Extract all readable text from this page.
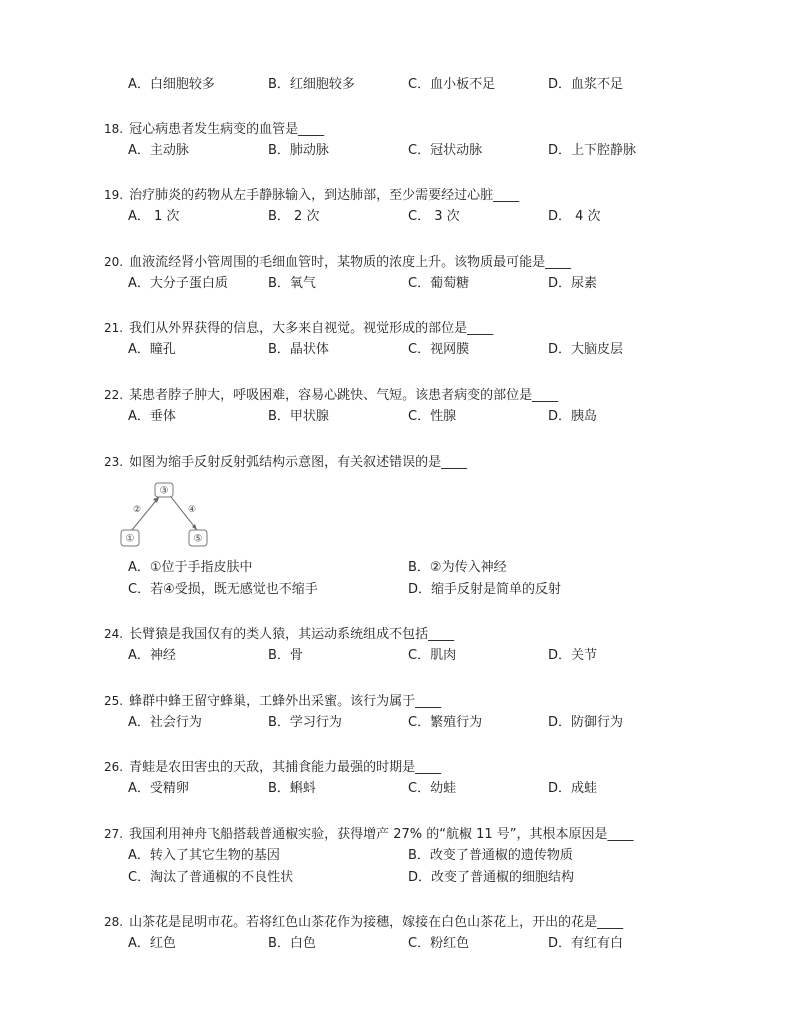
A．白细胞较多	B．红细胞较多	C．血小板不足	D．血浆不足
18. 冠心病患者发生病变的血管是____
A．主动脉	B．肺动脉	C．冠状动脉	D．上下腔静脉
19. 治疗肺炎的药物从左手静脉输入，到达肺部，至少需要经过心脏____
A． 1 次	B． 2 次	C． 3 次	D． 4 次
20. 血液流经肾小管周围的毛细血管时，某物质的浓度上升。该物质最可能是____
A．大分子蛋白质	B．氧气	C．葡萄糖	D．尿素
21. 我们从外界获得的信息，大多来自视觉。视觉形成的部位是____
A．瞳孔	B．晶状体	C．视网膜	D．大脑皮层
22. 某患者脖子肿大，呼吸困难，容易心跳快、气短。该患者病变的部位是____
A．垂体	B．甲状腺	C．性腺	D．胰岛
23. 如图为缩手反射反射弧结构示意图，有关叙述错误的是____
③
①	⑤
②	④
A．①位于手指皮肤中	B．②为传入神经
C．若④受损，既无感觉也不缩手	D．缩手反射是简单的反射
24. 长臂猿是我国仅有的类人猿，其运动系统组成不包括____
A．神经	B．骨	C．肌肉	D．关节
25. 蜂群中蜂王留守蜂巢，工蜂外出采蜜。该行为属于____
A．社会行为	B．学习行为	C．繁殖行为	D．防御行为
26. 青蛙是农田害虫的天敌，其捕食能力最强的时期是____
A．受精卵	B．蝌蚪	C．幼蛙	D．成蛙
27. 我国利用神舟飞船搭载普通椒实验，获得增产 27% 的“航椒 11 号”，其根本原因是____
A．转入了其它生物的基因	B．改变了普通椒的遗传物质
C．淘汰了普通椒的不良性状	D．改变了普通椒的细胞结构
28. 山茶花是昆明市花。若将红色山茶花作为接穗，嫁接在白色山茶花上，开出的花是____
A．红色	B．白色	C．粉红色	D．有红有白
